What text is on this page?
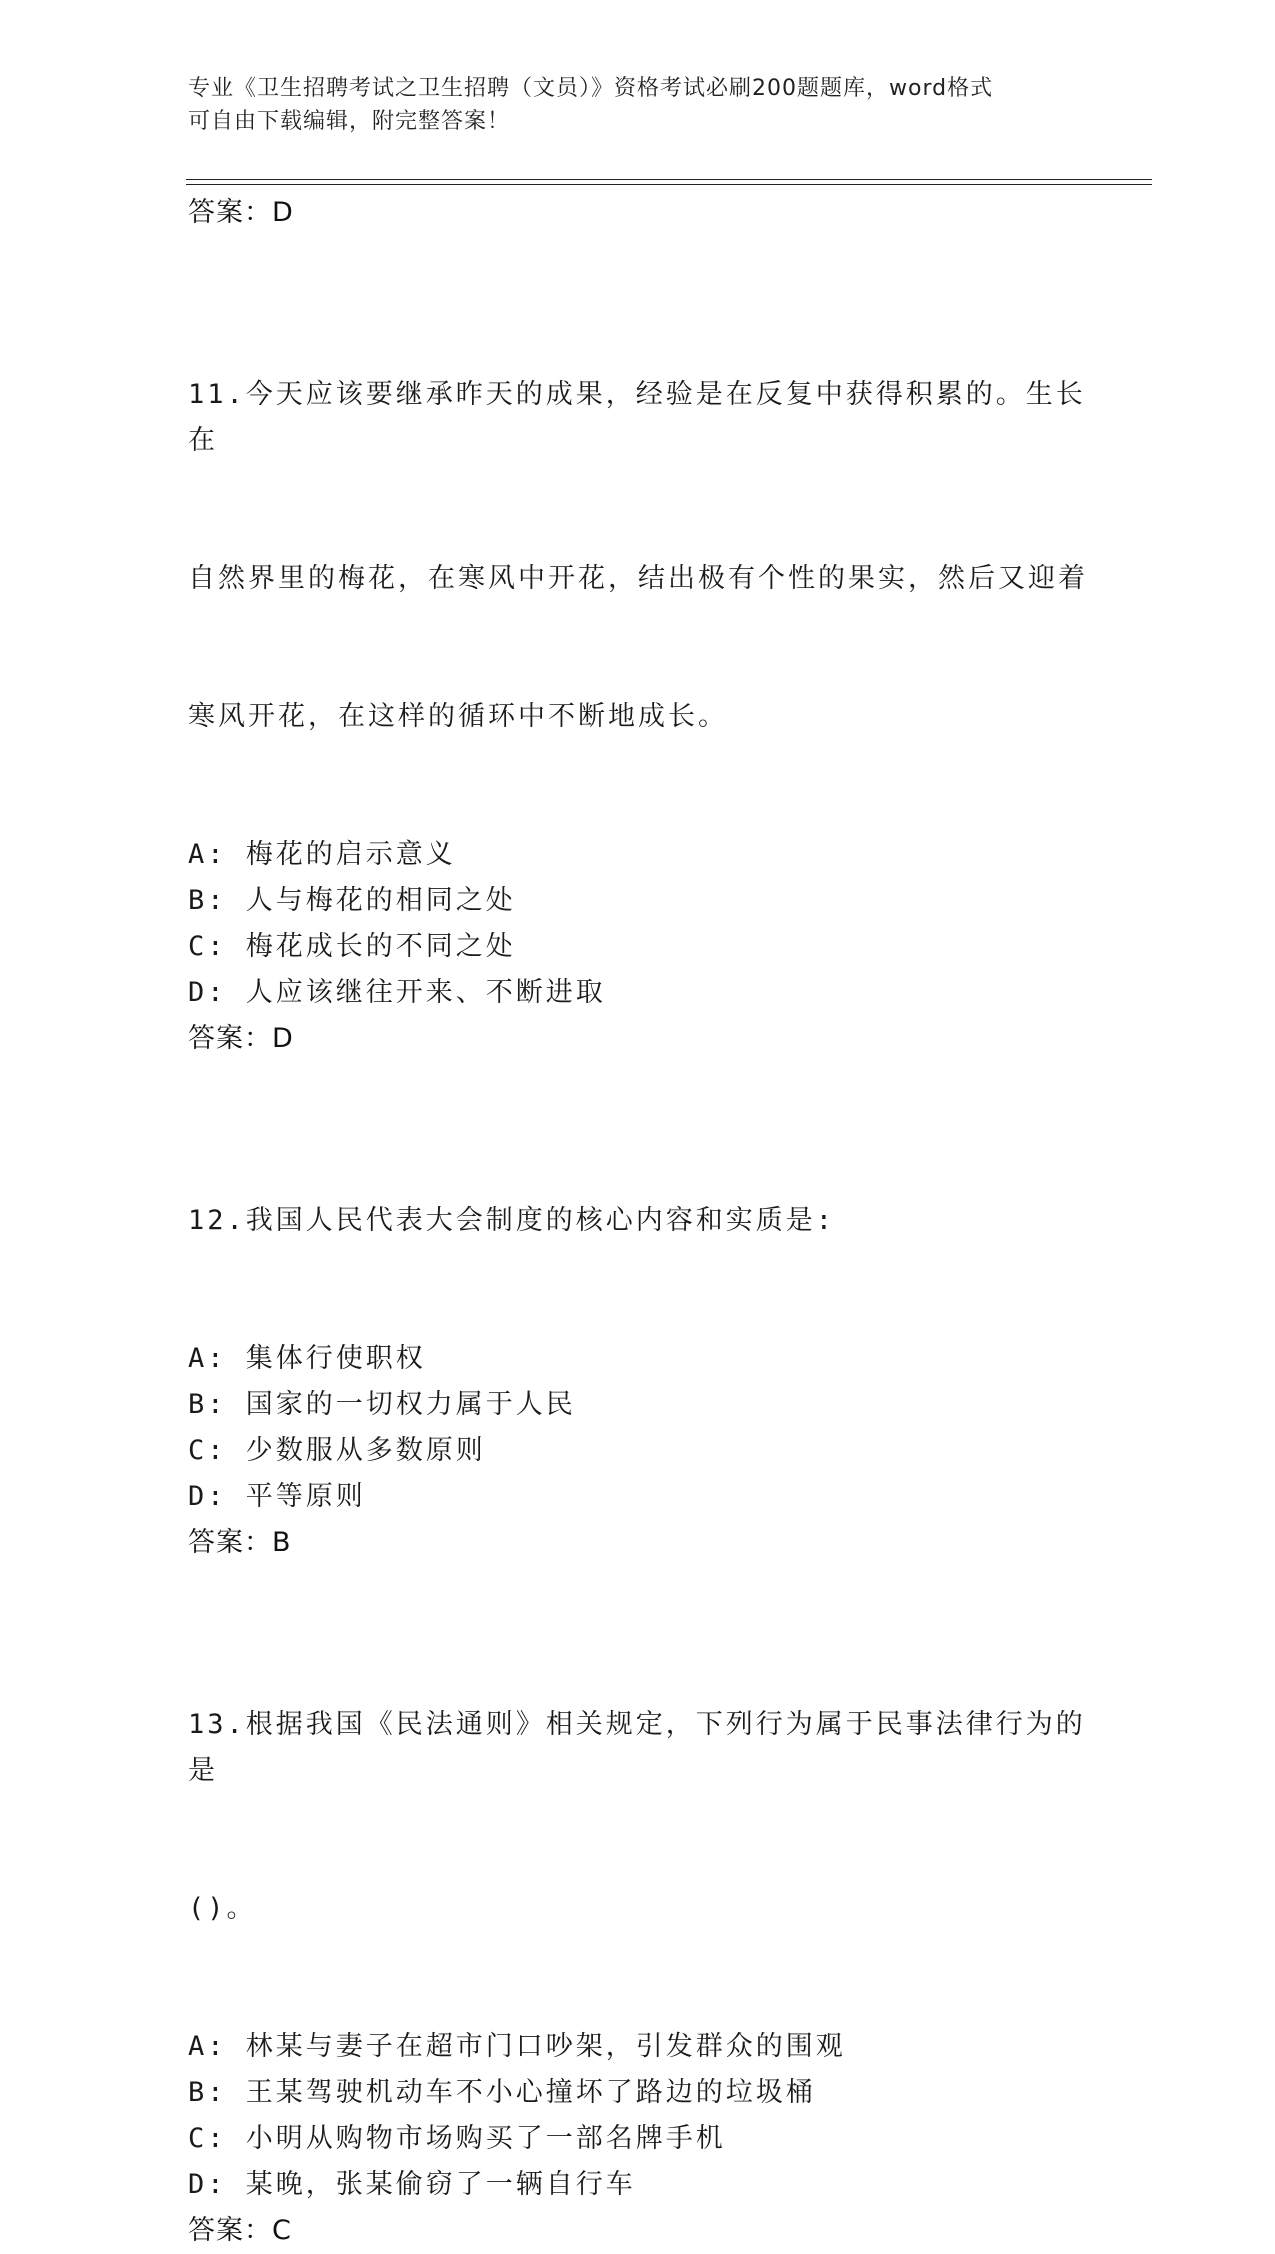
专业《卫生招聘考试之卫生招聘（文员）》资格考试必刷200题题库，word格式
可自由下载编辑，附完整答案！
答案：D

11.今天应该要继承昨天的成果，经验是在反复中获得积累的。生长在

自然界里的梅花，在寒风中开花，结出极有个性的果实，然后又迎着

寒风开花，在这样的循环中不断地成长。

A: 梅花的启示意义
B: 人与梅花的相同之处
C: 梅花成长的不同之处
D: 人应该继往开来、不断进取
答案：D

12.我国人民代表大会制度的核心内容和实质是:

A: 集体行使职权
B: 国家的一切权力属于人民
C: 少数服从多数原则
D: 平等原则
答案：B

13.根据我国《民法通则》相关规定，下列行为属于民事法律行为的是

()。

A: 林某与妻子在超市门口吵架，引发群众的围观
B: 王某驾驶机动车不小心撞坏了路边的垃圾桶
C: 小明从购物市场购买了一部名牌手机
D: 某晚，张某偷窃了一辆自行车
答案：C
